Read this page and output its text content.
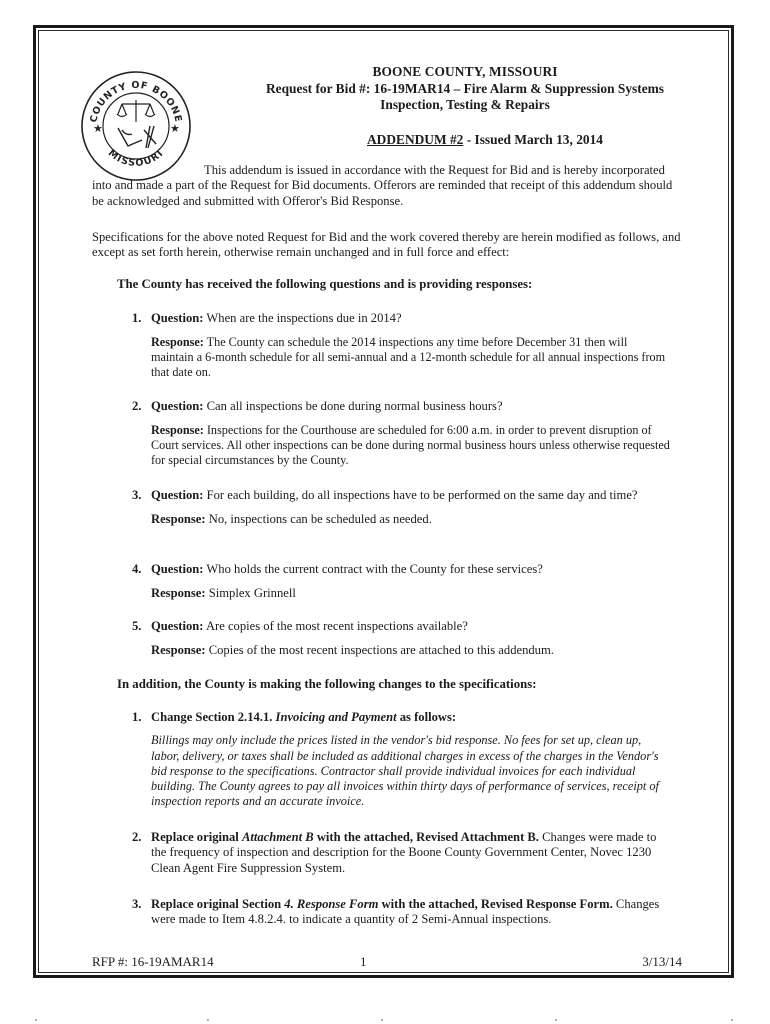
COUNTY OF BOONE
MISSOURI
★	★
BOONE COUNTY, MISSOURI
Request for Bid #: 16-19MAR14 – Fire Alarm & Suppression Systems
Inspection, Testing & Repairs
ADDENDUM #2 - Issued March 13, 2014

This addendum is issued in accordance with the Request for Bid and is hereby incorporated into and made a part of the Request for Bid documents. Offerors are reminded that receipt of this addendum should be acknowledged and submitted with Offeror's Bid Response.

Specifications for the above noted Request for Bid and the work covered thereby are herein modified as follows, and except as set forth herein, otherwise remain unchanged and in full force and effect:
The County has received the following questions and is providing responses:
1. Question: When are the inspections due in 2014?
Response: The County can schedule the 2014 inspections any time before December 31 then will maintain a 6-month schedule for all semi-annual and a 12-month schedule for all annual inspections from that date on.
2. Question: Can all inspections be done during normal business hours?
Response: Inspections for the Courthouse are scheduled for 6:00 a.m. in order to prevent disruption of Court services. All other inspections can be done during normal business hours unless otherwise requested for special circumstances by the County.
3. Question: For each building, do all inspections have to be performed on the same day and time?
Response: No, inspections can be scheduled as needed.
4. Question: Who holds the current contract with the County for these services?
Response: Simplex Grinnell
5. Question: Are copies of the most recent inspections available?
Response: Copies of the most recent inspections are attached to this addendum.
In addition, the County is making the following changes to the specifications:
1. Change Section 2.14.1. Invoicing and Payment as follows:
Billings may only include the prices listed in the vendor's bid response. No fees for set up, clean up, labor, delivery, or taxes shall be included as additional charges in excess of the charges in the Vendor's bid response to the specifications. Contractor shall provide individual invoices for each individual building. The County agrees to pay all invoices within thirty days of performance of services, receipt of inspection reports and an accurate invoice.
2. Replace original Attachment B with the attached, Revised Attachment B. Changes were made to the frequency of inspection and description for the Boone County Government Center, Novec 1230 Clean Agent Fire Suppression System.
3. Replace original Section 4. Response Form with the attached, Revised Response Form. Changes were made to Item 4.8.2.4. to indicate a quantity of 2 Semi-Annual inspections.
RFP #: 16-19AMAR14	1	3/13/14
